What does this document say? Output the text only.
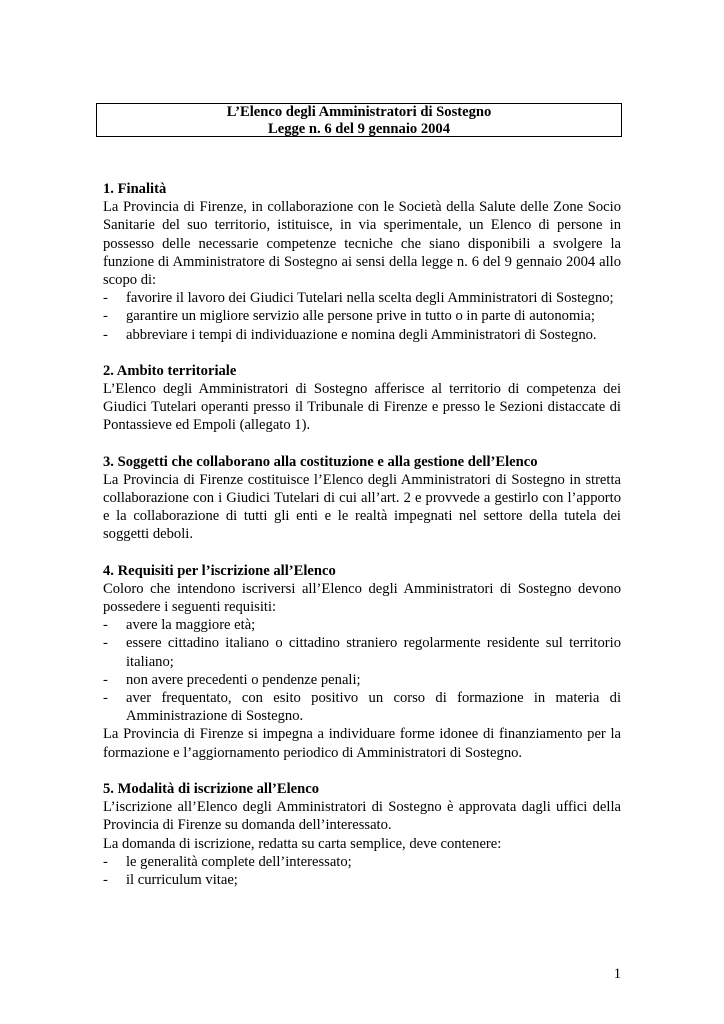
L’Elenco degli Amministratori di Sostegno
Legge n. 6 del 9 gennaio 2004
1. Finalità
La Provincia di Firenze, in collaborazione con le Società della Salute delle Zone Socio Sanitarie del suo territorio, istituisce, in via sperimentale, un Elenco di persone in possesso delle necessarie competenze tecniche che siano disponibili a svolgere la funzione di Amministratore di Sostegno ai sensi della legge n. 6 del 9 gennaio 2004 allo scopo di:
- favorire il lavoro dei Giudici Tutelari nella scelta degli Amministratori di Sostegno;
- garantire un migliore servizio alle persone prive in tutto o in parte di autonomia;
- abbreviare i tempi di individuazione e nomina degli Amministratori di Sostegno.
2. Ambito territoriale
L’Elenco degli Amministratori di Sostegno afferisce al territorio di competenza dei Giudici Tutelari operanti presso il Tribunale di Firenze e presso le Sezioni distaccate di Pontassieve ed Empoli (allegato 1).
3. Soggetti che collaborano alla costituzione e alla gestione dell’Elenco
La Provincia di Firenze costituisce l’Elenco degli Amministratori di Sostegno in stretta collaborazione con i Giudici Tutelari di cui all’art. 2 e provvede a gestirlo con l’apporto e la collaborazione di tutti gli enti e le realtà impegnati nel settore della tutela dei soggetti deboli.
4. Requisiti per l’iscrizione all’Elenco
Coloro che intendono iscriversi all’Elenco degli Amministratori di Sostegno devono possedere i seguenti requisiti:
- avere la maggiore età;
- essere cittadino italiano o cittadino straniero regolarmente residente sul territorio italiano;
- non avere precedenti o pendenze penali;
- aver frequentato, con esito positivo un corso di formazione in materia di Amministrazione di Sostegno.
La Provincia di Firenze si impegna a individuare forme idonee di finanziamento per la formazione e l’aggiornamento periodico di Amministratori di Sostegno.
5. Modalità di iscrizione all’Elenco
L’iscrizione all’Elenco degli Amministratori di Sostegno è approvata dagli uffici della Provincia di Firenze su domanda dell’interessato.
La domanda di iscrizione, redatta su carta semplice, deve contenere:
- le generalità complete dell’interessato;
- il curriculum vitae;
1
